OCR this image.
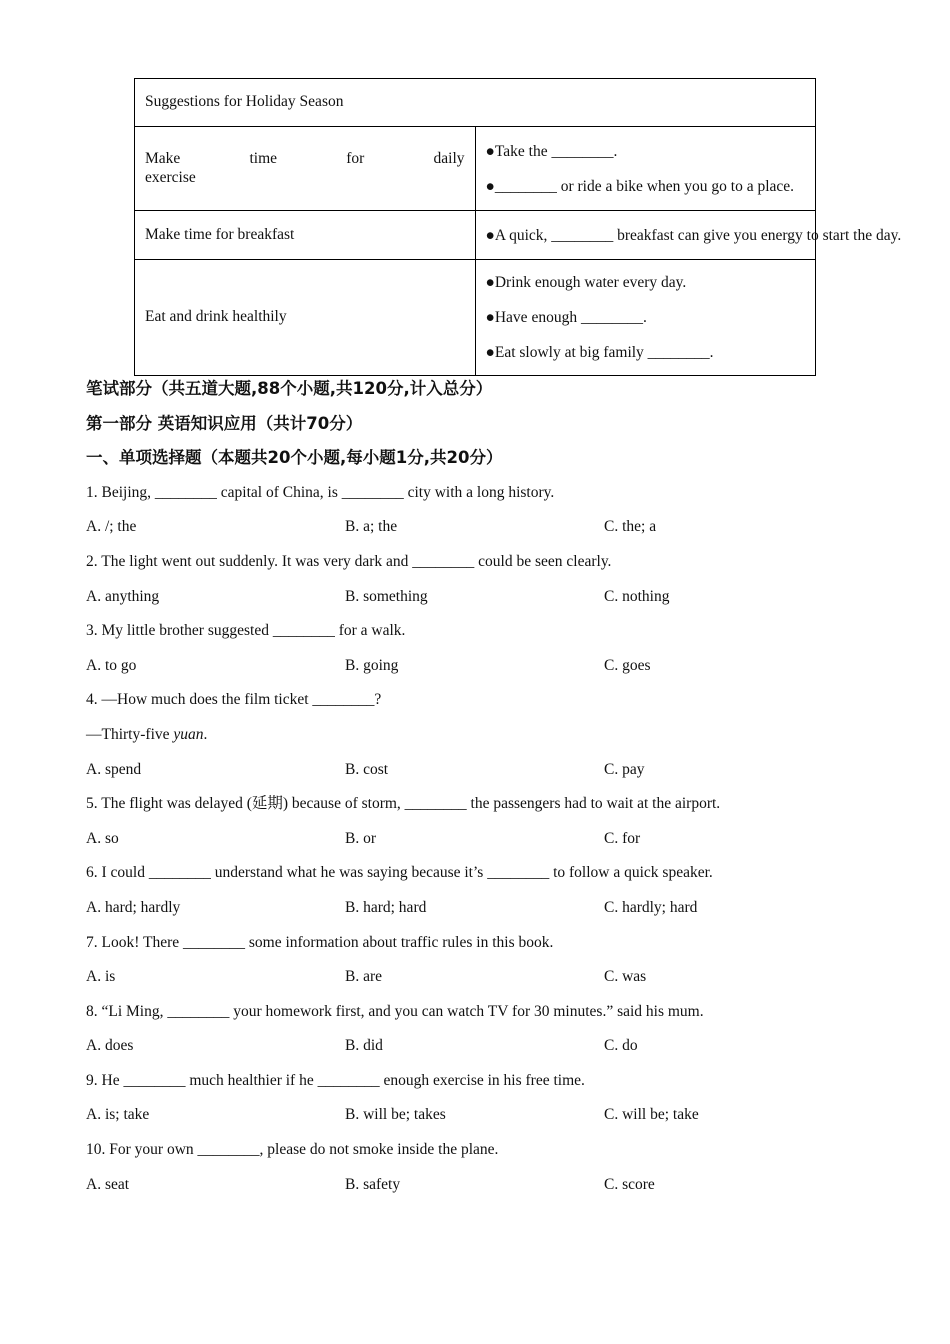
Suggestions for Holiday Season	
Make time for daily
exercise	●Take the ________.
●________ or ride a bike when you go to a place.

Make time for breakfast	●A quick, ________ breakfast can give you energy to start the day.

Eat and drink healthily	●Drink enough water every day.
●Have enough ________.
●Eat slowly at big family ________.
笔试部分（共五道大题,88个小题,共120分,计入总分）
第一部分 英语知识应用（共计70分）
一、单项选择题（本题共20个小题,每小题1分,共20分）
1. Beijing, ________ capital of China, is ________ city with a long history.
A. /; the	B. a; the	C. the; a
2. The light went out suddenly. It was very dark and ________ could be seen clearly.
A. anything	B. something	C. nothing
3. My little brother suggested ________ for a walk.
A. to go	B. going	C. goes
4. —How much does the film ticket ________?
—Thirty-five yuan.
A. spend	B. cost	C. pay
5. The flight was delayed (延期) because of storm, ________ the passengers had to wait at the airport.
A. so	B. or	C. for
6. I could ________ understand what he was saying because it’s ________ to follow a quick speaker.
A. hard; hardly	B. hard; hard	C. hardly; hard
7. Look! There ________ some information about traffic rules in this book.
A. is	B. are	C. was
8. “Li Ming, ________ your homework first, and you can watch TV for 30 minutes.” said his mum.
A. does	B. did	C. do
9. He ________ much healthier if he ________ enough exercise in his free time.
A. is; take	B. will be; takes	C. will be; take
10. For your own ________, please do not smoke inside the plane.
A. seat	B. safety	C. score
